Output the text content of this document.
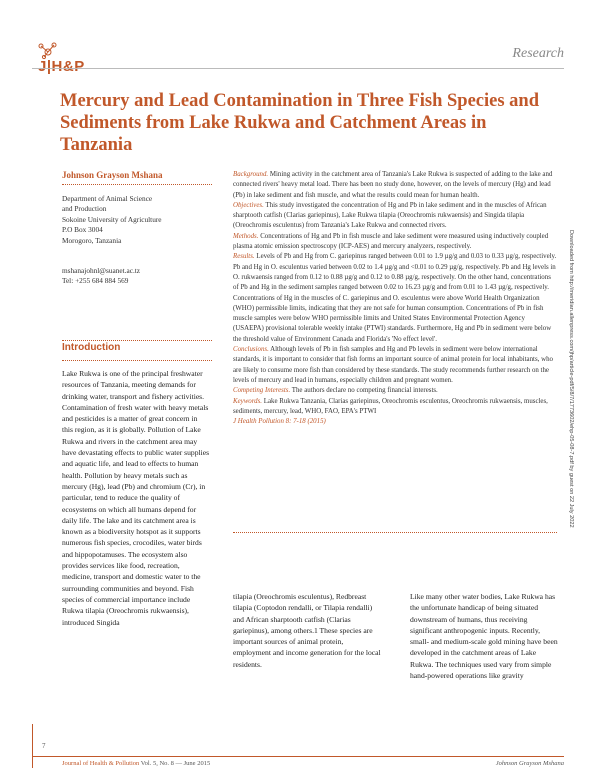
J|H&P
Research
Mercury and Lead Contamination in Three Fish Species and Sediments from Lake Rukwa and Catchment Areas in Tanzania
Johnson Grayson Mshana
Department of Animal Science
and Production
Sokoine University of Agriculture
P.O Box 3004
Morogoro, Tanzania
mshanajohnl@suanet.ac.tz
Tel: +255 684 884 569

Background. Mining activity in the catchment area of Tanzania's Lake Rukwa is suspected of adding to the lake and connected rivers' heavy metal load. There has been no study done, however, on the levels of mercury (Hg) and lead (Pb) in lake sediment and fish muscle, and what the results could mean for human health.

Objectives. This study investigated the concentration of Hg and Pb in lake sediment and in the muscles of African sharptooth catfish (Clarias gariepinus), Lake Rukwa tilapia (Oreochromis rukwaensis) and Singida tilapia (Oreochromis esculentus) from Tanzania's Lake Rukwa and connected rivers.

Methods. Concentrations of Hg and Pb in fish muscle and lake sediment were measured using inductively coupled plasma atomic emission spectroscopy (ICP-AES) and mercury analyzers, respectively.

Results. Levels of Pb and Hg from C. gariepinus ranged between 0.01 to 1.9 µg/g and 0.03 to 0.33 µg/g, respectively. Pb and Hg in O. esculentus varied between 0.02 to 1.4 µg/g and <0.01 to 0.29 µg/g, respectively. Pb and Hg levels in O. rukwaensis ranged from 0.12 to 0.88 µg/g and 0.12 to 0.88 µg/g, respectively. On the other hand, concentrations of Pb and Hg in the sediment samples ranged between 0.02 to 16.23 µg/g and from 0.01 to 1.43 µg/g, respectively. Concentrations of Hg in the muscles of C. gariepinus and O. esculentus were above World Health Organization (WHO) permissible limits, indicating that they are not safe for human consumption. Concentrations of Pb in fish muscle samples were below WHO permissible limits and United States Environmental Protection Agency (USAEPA) provisional tolerable weekly intake (PTWI) standards. Furthermore, Hg and Pb in sediment were below the threshold value of Environment Canada and Florida's 'No effect level'.

Conclusions. Although levels of Pb in fish samples and Hg and Pb levels in sediment were below international standards, it is important to consider that fish forms an important source of animal protein for local inhabitants, who are likely to consume more fish than considered by these standards. The study recommends further research on the levels of mercury and lead in humans, especially children and pregnant women.

Competing Interests. The authors declare no competing financial interests.

Keywords. Lake Rukwa Tanzania, Clarias gariepinus, Oreochromis esculentus, Oreochromis rukwaensis, muscles, sediments, mercury, lead, WHO, FAO, EPA's PTWI

J Health Pollution 8: 7-18 (2015)

Introduction
Lake Rukwa is one of the principal freshwater resources of Tanzania, meeting demands for drinking water, transport and fishery activities. Contamination of fresh water with heavy metals and pesticides is a matter of great concern in this region, as it is globally. Pollution of Lake Rukwa and rivers in the catchment area may have devastating effects to public water supplies and aquatic life, and lead to effects to human health. Pollution by heavy metals such as mercury (Hg), lead (Pb) and chromium (Cr), in particular, tend to reduce the quality of ecosystems on which all humans depend for daily life. The lake and its catchment area is known as a biodiversity hotspot as it supports numerous fish species, crocodiles, water birds and hippopotamuses. The ecosystem also provides services like food, recreation, medicine, transport and domestic water to the surrounding communities and beyond. Fish species of commercial importance include Rukwa tilapia (Oreochromis rukwaensis), introduced Singida
tilapia (Oreochromis esculentus), Redbreast tilapia (Coptodon rendalli, or Tilapia rendalli) and African sharptooth catfish (Clarias gariepinus), among others.1 These species are important sources of animal protein, employment and income generation for the local residents.
Like many other water bodies, Lake Rukwa has the unfortunate handicap of being situated downstream of humans, thus receiving significant anthropogenic inputs. Recently, small- and medium-scale gold mining have been developed in the catchment areas of Lake Rukwa. The techniques used vary from simple hand-powered operations like gravity
Downloaded from http://meridian.allenpress.com/jhp/article-pdf/5/8/7/1773602/ehp-05-08-7.pdf by guest on 22 July 2022
7
Journal of Health & Pollution Vol. 5, No. 8 — June 2015	Johnson Grayson Mshana
